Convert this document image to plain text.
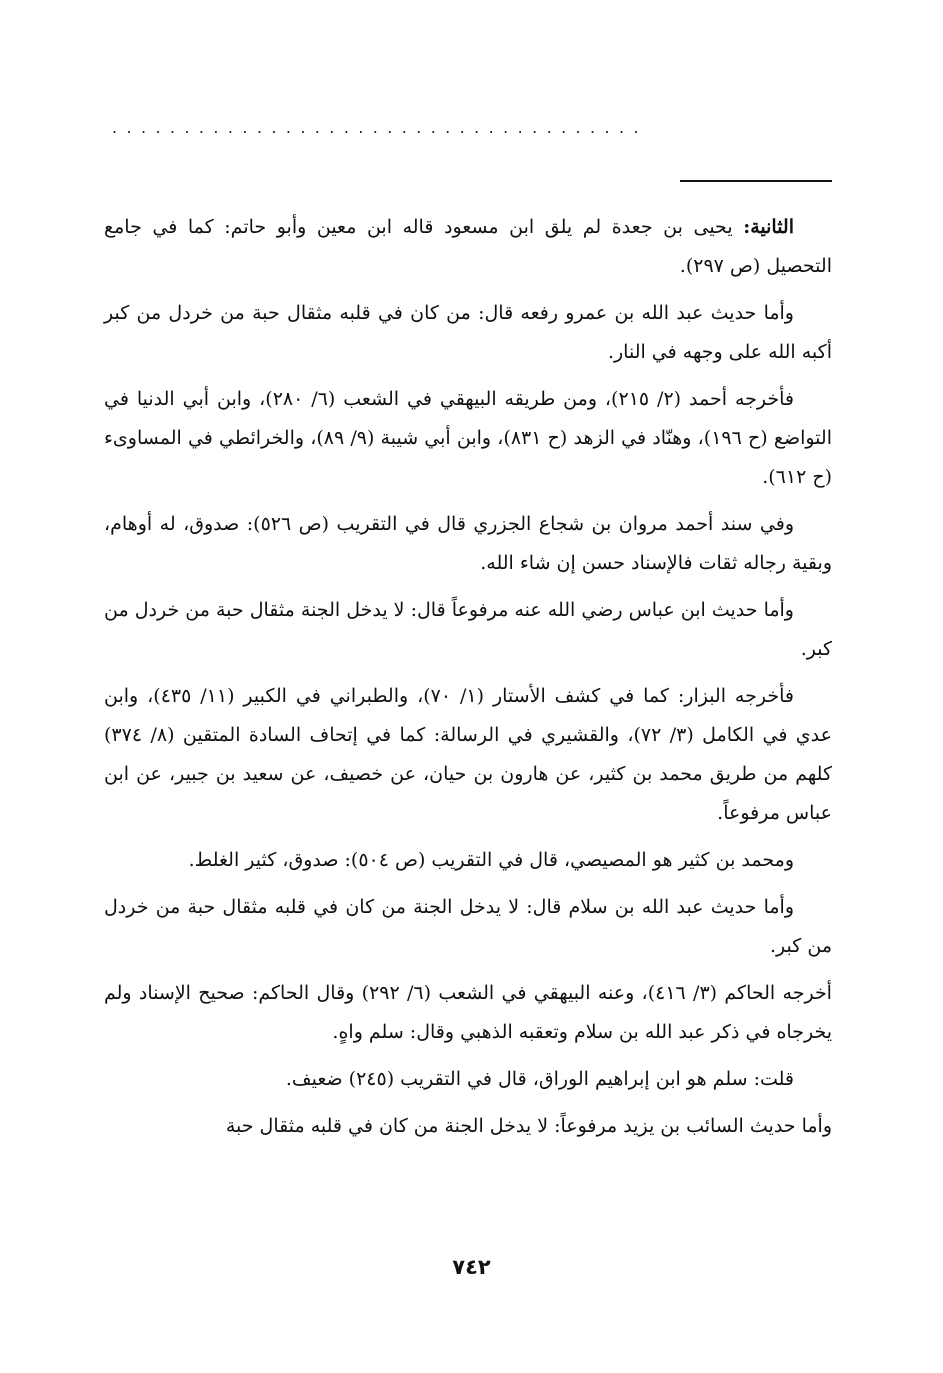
.....................................

الثانية: يحيى بن جعدة لم يلق ابن مسعود قاله ابن معين وأبو حاتم: كما في جامع التحصيل (ص ٢٩٧).

وأما حديث عبد الله بن عمرو رفعه قال: من كان في قلبه مثقال حبة من خردل من كبر أكبه الله على وجهه في النار.

فأخرجه أحمد (٢/ ٢١٥)، ومن طريقه البيهقي في الشعب (٦/ ٢٨٠)، وابن أبي الدنيا في التواضع (ح ١٩٦)، وهنّاد في الزهد (ح ٨٣١)، وابن أبي شيبة (٩/ ٨٩)، والخرائطي في المساوىء (ح ٦١٢).

وفي سند أحمد مروان بن شجاع الجزري قال في التقريب (ص ٥٢٦): صدوق، له أوهام، وبقية رجاله ثقات فالإسناد حسن إن شاء الله.

وأما حديث ابن عباس رضي الله عنه مرفوعاً قال: لا يدخل الجنة مثقال حبة من خردل من كبر.

فأخرجه البزار: كما في كشف الأستار (١/ ٧٠)، والطبراني في الكبير (١١/ ٤٣٥)، وابن عدي في الكامل (٣/ ٧٢)، والقشيري في الرسالة: كما في إتحاف السادة المتقين (٨/ ٣٧٤) كلهم من طريق محمد بن كثير، عن هارون بن حيان، عن خصيف، عن سعيد بن جبير، عن ابن عباس مرفوعاً.

ومحمد بن كثير هو المصيصي، قال في التقريب (ص ٥٠٤): صدوق، كثير الغلط.

وأما حديث عبد الله بن سلام قال: لا يدخل الجنة من كان في قلبه مثقال حبة من خردل من كبر.

أخرجه الحاكم (٣/ ٤١٦)، وعنه البيهقي في الشعب (٦/ ٢٩٢) وقال الحاكم: صحيح الإسناد ولم يخرجاه في ذكر عبد الله بن سلام وتعقبه الذهبي وقال: سلم واهٍ.

قلت: سلم هو ابن إبراهيم الوراق، قال في التقريب (٢٤٥) ضعيف.

وأما حديث السائب بن يزيد مرفوعاً: لا يدخل الجنة من كان في قلبه مثقال حبة

٧٤٢
